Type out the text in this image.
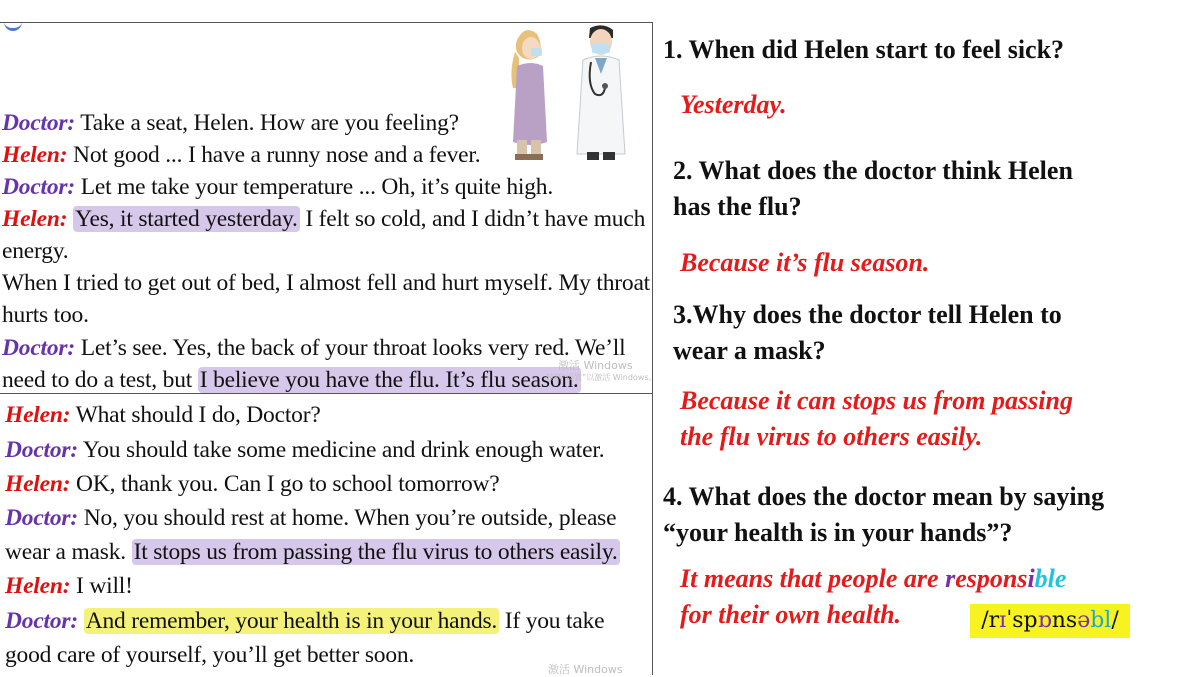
Doctor: Take a seat, Helen. How are you feeling?
Helen: Not good ... I have a runny nose and a fever.
Doctor: Let me take your temperature ... Oh, it’s quite high.
Helen: Yes, it started yesterday. I felt so cold, and I didn’t have much
energy.
When I tried to get out of bed, I almost fell and hurt myself. My throat
hurts too.
Doctor: Let’s see. Yes, the back of your throat looks very red. We’ll
need to do a test, but I believe you have the flu. It’s flu season.
激活 Windows
转到“设置”以激活 Windows。
Helen: What should I do, Doctor?
Doctor: You should take some medicine and drink enough water.
Helen: OK, thank you. Can I go to school tomorrow?
Doctor: No, you should rest at home. When you’re outside, please
wear a mask. It stops us from passing the flu virus to others easily.
Helen: I will!
Doctor: And remember, your health is in your hands. If you take
good care of yourself, you’ll get better soon.
激活 Windows
1. When did Helen start to feel sick?
Yesterday.
2. What does the doctor think Helen
has the flu?
Because it’s flu season.
3.Why does the doctor tell Helen to
wear a mask?
Because it can stops us from passing
the flu virus to others easily.
4. What does the doctor mean by saying
“your health is in your hands”?
It means that people are responsible
for their own health.	/rɪˈspɒnsəbl/
